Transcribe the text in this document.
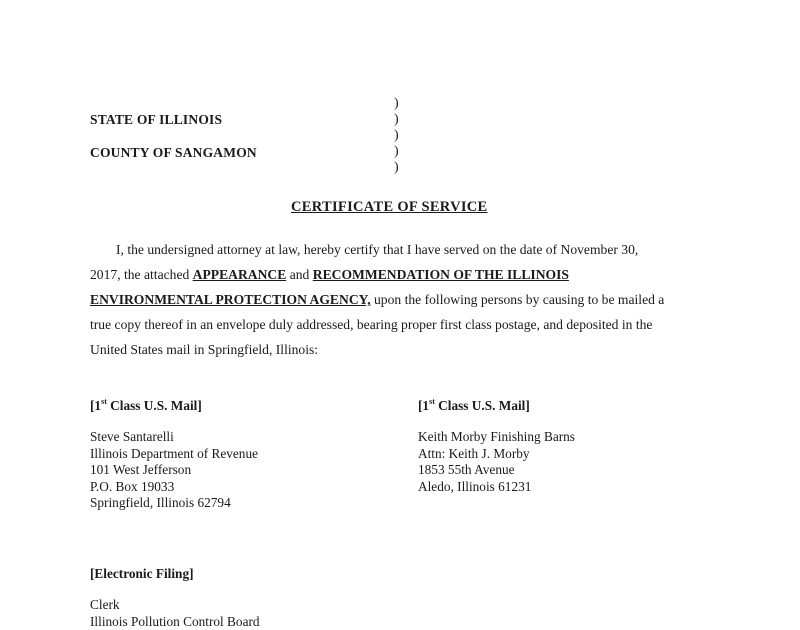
STATE OF ILLINOIS
COUNTY OF SANGAMON
)
)
)
)
)
CERTIFICATE OF SERVICE
I, the undersigned attorney at law, hereby certify that I have served on the date of November 30,
2017, the attached APPEARANCE and RECOMMENDATION OF THE ILLINOIS
ENVIRONMENTAL PROTECTION AGENCY, upon the following persons by causing to be mailed a
true copy thereof in an envelope duly addressed, bearing proper first class postage, and deposited in the
United States mail in Springfield, Illinois:
[1st Class U.S. Mail]
Steve Santarelli
Illinois Department of Revenue
101 West Jefferson
P.O. Box 19033
Springfield, Illinois 62794
[1st Class U.S. Mail]
Keith Morby Finishing Barns
Attn: Keith J. Morby
1853 55th Avenue
Aledo, Illinois 61231
[Electronic Filing]
Clerk
Illinois Pollution Control Board
